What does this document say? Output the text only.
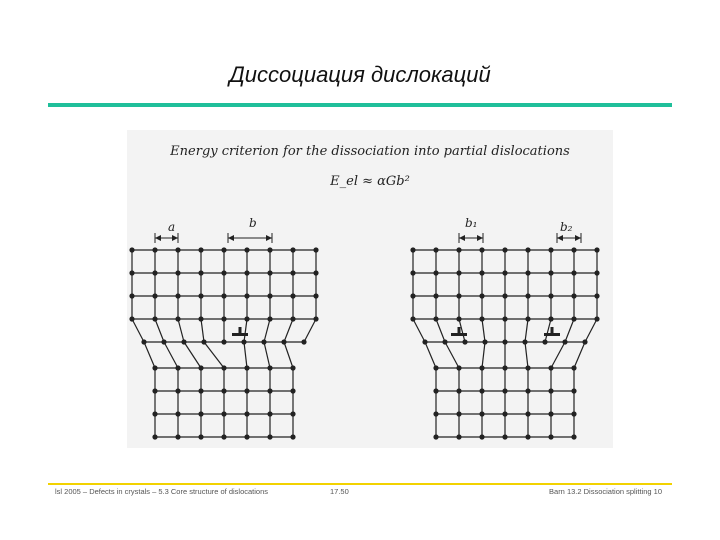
Диссоциация дислокаций
a	b	b₁	b₂
Energy criterion for the dissociation into partial dislocations
E_el ≈ αGb²
lsl 2005 – Defects in crystals – 5.3 Core structure of dislocations	17.50	Barn 13.2 Dissociation splitting 10
